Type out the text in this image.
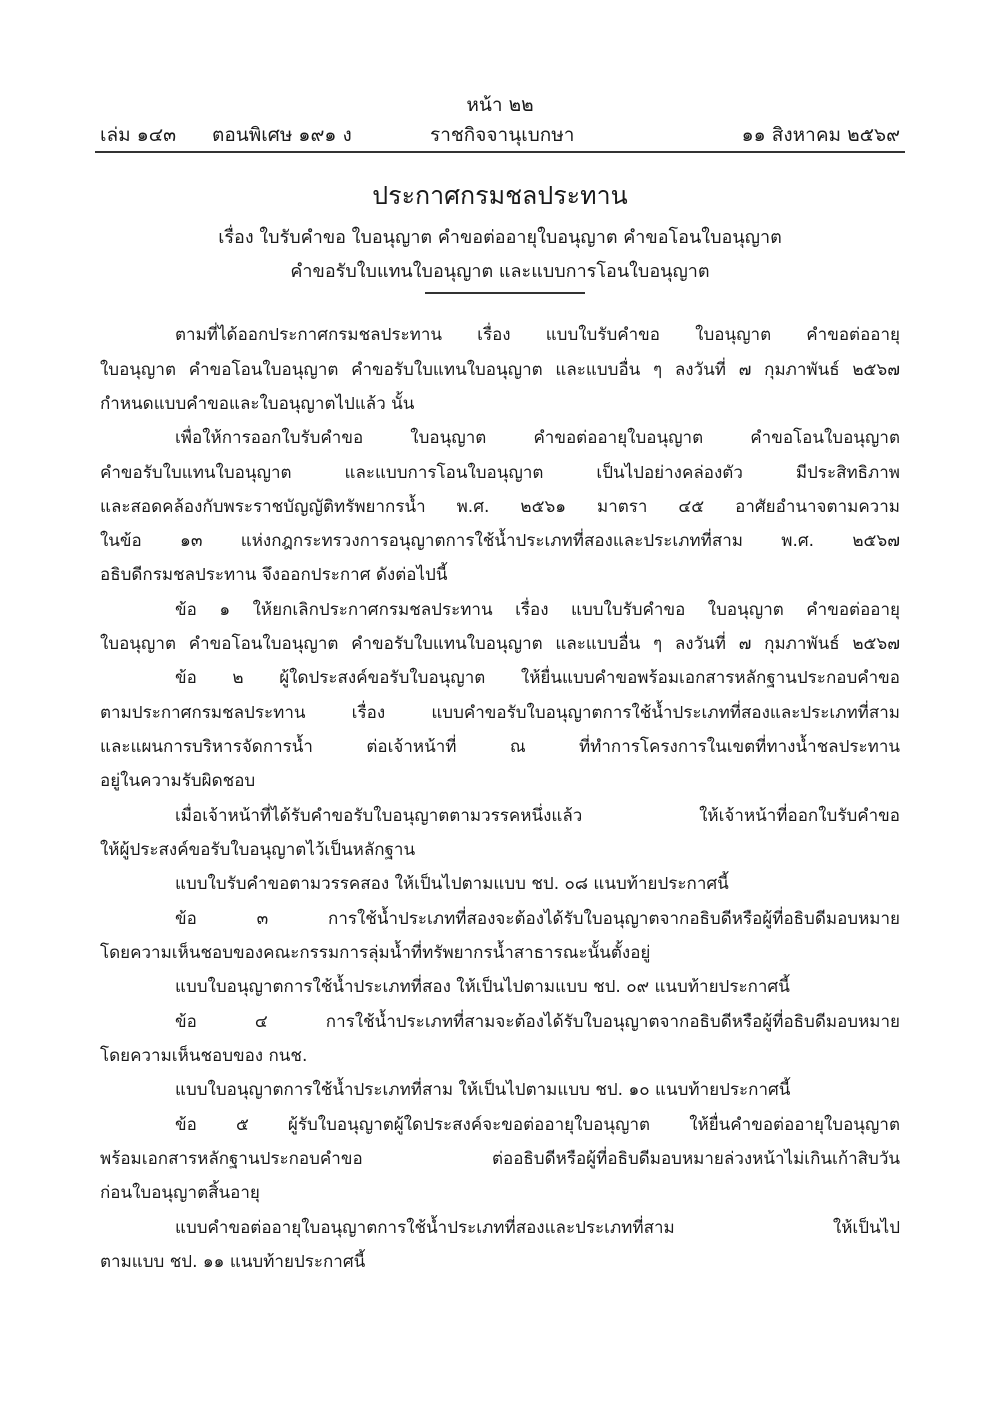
หน้า ๒๒
เล่ม ๑๔๓ ตอนพิเศษ ๑๙๑ ง	ราชกิจจานุเบกษา	๑๑ สิงหาคม ๒๕๖๙
ประกาศกรมชลประทาน
เรื่อง ใบรับคำขอ ใบอนุญาต คำขอต่ออายุใบอนุญาต คำขอโอนใบอนุญาต
คำขอรับใบแทนใบอนุญาต และแบบการโอนใบอนุญาต
ตามที่ได้ออกประกาศกรมชลประทาน เรื่อง แบบใบรับคำขอ ใบอนุญาต คำขอต่ออายุ
ใบอนุญาต คำขอโอนใบอนุญาต คำขอรับใบแทนใบอนุญาต และแบบอื่น ๆ ลงวันที่ ๗ กุมภาพันธ์ ๒๕๖๗
กำหนดแบบคำขอและใบอนุญาตไปแล้ว นั้น
เพื่อให้การออกใบรับคำขอ ใบอนุญาต คำขอต่ออายุใบอนุญาต คำขอโอนใบอนุญาต
คำขอรับใบแทนใบอนุญาต และแบบการโอนใบอนุญาต เป็นไปอย่างคล่องตัว มีประสิทธิภาพ
และสอดคล้องกับพระราชบัญญัติทรัพยากรน้ำ พ.ศ. ๒๕๖๑ มาตรา ๔๕ อาศัยอำนาจตามความ
ในข้อ ๑๓ แห่งกฎกระทรวงการอนุญาตการใช้น้ำประเภทที่สองและประเภทที่สาม พ.ศ. ๒๕๖๗
อธิบดีกรมชลประทาน จึงออกประกาศ ดังต่อไปนี้
ข้อ ๑ ให้ยกเลิกประกาศกรมชลประทาน เรื่อง แบบใบรับคำขอ ใบอนุญาต คำขอต่ออายุ
ใบอนุญาต คำขอโอนใบอนุญาต คำขอรับใบแทนใบอนุญาต และแบบอื่น ๆ ลงวันที่ ๗ กุมภาพันธ์ ๒๕๖๗
ข้อ ๒ ผู้ใดประสงค์ขอรับใบอนุญาต ให้ยื่นแบบคำขอพร้อมเอกสารหลักฐานประกอบคำขอ
ตามประกาศกรมชลประทาน เรื่อง แบบคำขอรับใบอนุญาตการใช้น้ำประเภทที่สองและประเภทที่สาม
และแผนการบริหารจัดการน้ำ ต่อเจ้าหน้าที่ ณ ที่ทำการโครงการในเขตที่ทางน้ำชลประทาน
อยู่ในความรับผิดชอบ
เมื่อเจ้าหน้าที่ได้รับคำขอรับใบอนุญาตตามวรรคหนึ่งแล้ว ให้เจ้าหน้าที่ออกใบรับคำขอ
ให้ผู้ประสงค์ขอรับใบอนุญาตไว้เป็นหลักฐาน
แบบใบรับคำขอตามวรรคสอง ให้เป็นไปตามแบบ ชป. ๐๘ แนบท้ายประกาศนี้
ข้อ ๓ การใช้น้ำประเภทที่สองจะต้องได้รับใบอนุญาตจากอธิบดีหรือผู้ที่อธิบดีมอบหมาย
โดยความเห็นชอบของคณะกรรมการลุ่มน้ำที่ทรัพยากรน้ำสาธารณะนั้นตั้งอยู่
แบบใบอนุญาตการใช้น้ำประเภทที่สอง ให้เป็นไปตามแบบ ชป. ๐๙ แนบท้ายประกาศนี้
ข้อ ๔ การใช้น้ำประเภทที่สามจะต้องได้รับใบอนุญาตจากอธิบดีหรือผู้ที่อธิบดีมอบหมาย
โดยความเห็นชอบของ กนช.
แบบใบอนุญาตการใช้น้ำประเภทที่สาม ให้เป็นไปตามแบบ ชป. ๑๐ แนบท้ายประกาศนี้
ข้อ ๕ ผู้รับใบอนุญาตผู้ใดประสงค์จะขอต่ออายุใบอนุญาต ให้ยื่นคำขอต่ออายุใบอนุญาต
พร้อมเอกสารหลักฐานประกอบคำขอ ต่ออธิบดีหรือผู้ที่อธิบดีมอบหมายล่วงหน้าไม่เกินเก้าสิบวัน
ก่อนใบอนุญาตสิ้นอายุ
แบบคำขอต่ออายุใบอนุญาตการใช้น้ำประเภทที่สองและประเภทที่สาม ให้เป็นไป
ตามแบบ ชป. ๑๑ แนบท้ายประกาศนี้
